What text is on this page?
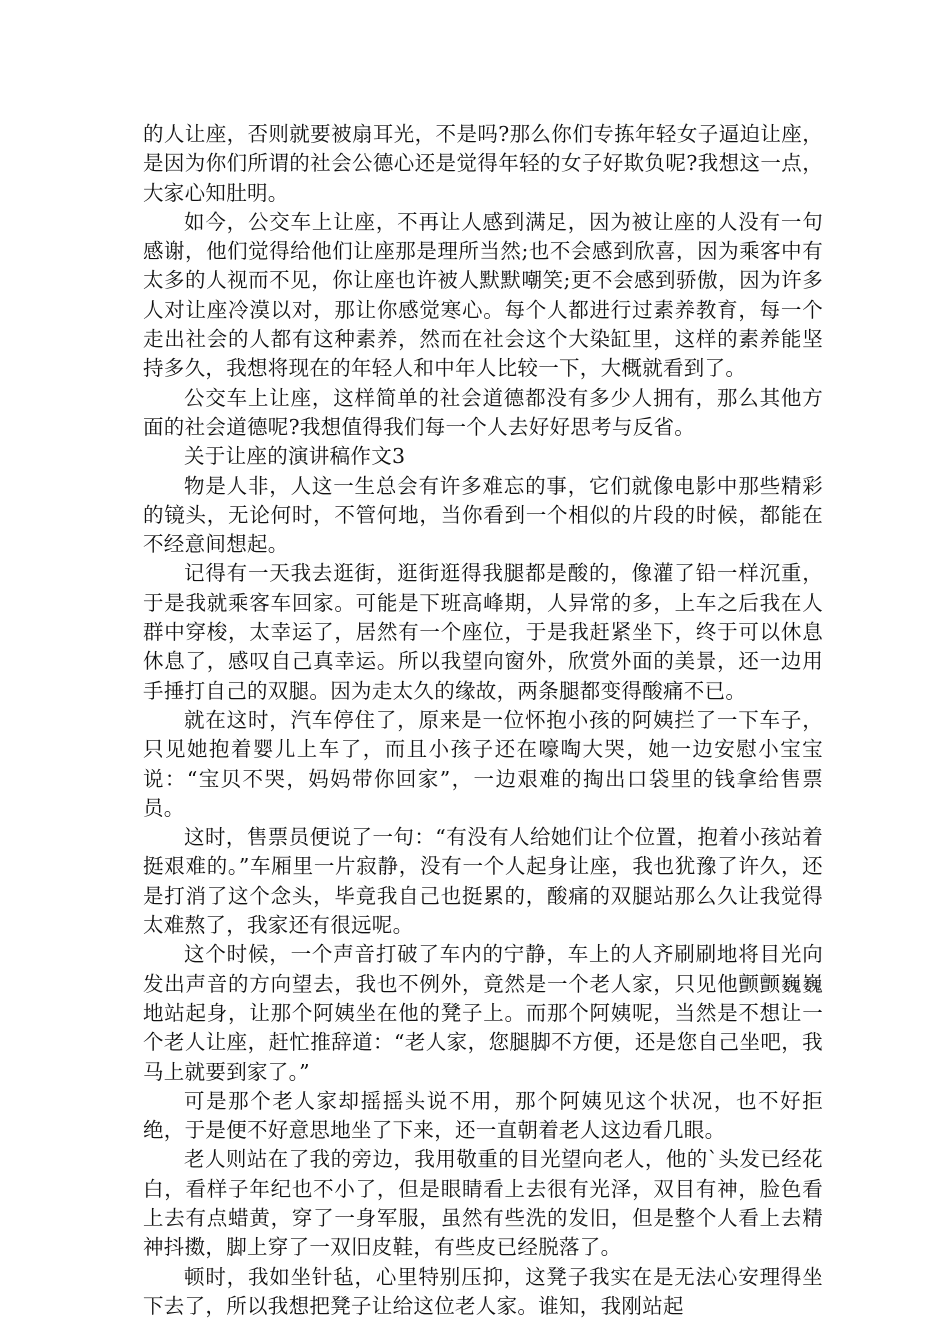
的人让座，否则就要被扇耳光，不是吗?那么你们专拣年轻女子逼迫让座，是因为你们所谓的社会公德心还是觉得年轻的女子好欺负呢?我想这一点，大家心知肚明。

如今，公交车上让座，不再让人感到满足，因为被让座的人没有一句感谢，他们觉得给他们让座那是理所当然;也不会感到欣喜，因为乘客中有太多的人视而不见，你让座也许被人默默嘲笑;更不会感到骄傲，因为许多人对让座冷漠以对，那让你感觉寒心。每个人都进行过素养教育，每一个走出社会的人都有这种素养，然而在社会这个大染缸里，这样的素养能坚持多久，我想将现在的年轻人和中年人比较一下，大概就看到了。

公交车上让座，这样简单的社会道德都没有多少人拥有，那么其他方面的社会道德呢?我想值得我们每一个人去好好思考与反省。

关于让座的演讲稿作文3

物是人非，人这一生总会有许多难忘的事，它们就像电影中那些精彩的镜头，无论何时，不管何地，当你看到一个相似的片段的时候，都能在不经意间想起。

记得有一天我去逛街，逛街逛得我腿都是酸的，像灌了铅一样沉重，于是我就乘客车回家。可能是下班高峰期，人异常的多，上车之后我在人群中穿梭，太幸运了，居然有一个座位，于是我赶紧坐下，终于可以休息休息了，感叹自己真幸运。所以我望向窗外，欣赏外面的美景，还一边用手捶打自己的双腿。因为走太久的缘故，两条腿都变得酸痛不已。

就在这时，汽车停住了，原来是一位怀抱小孩的阿姨拦了一下车子，只见她抱着婴儿上车了，而且小孩子还在嚎啕大哭，她一边安慰小宝宝说：“宝贝不哭，妈妈带你回家”，一边艰难的掏出口袋里的钱拿给售票员。

这时，售票员便说了一句：“有没有人给她们让个位置，抱着小孩站着挺艰难的。”车厢里一片寂静，没有一个人起身让座，我也犹豫了许久，还是打消了这个念头，毕竟我自己也挺累的，酸痛的双腿站那么久让我觉得太难熬了，我家还有很远呢。

这个时候，一个声音打破了车内的宁静，车上的人齐刷刷地将目光向发出声音的方向望去，我也不例外，竟然是一个老人家，只见他颤颤巍巍地站起身，让那个阿姨坐在他的凳子上。而那个阿姨呢，当然是不想让一个老人让座，赶忙推辞道：“老人家，您腿脚不方便，还是您自己坐吧，我马上就要到家了。”

可是那个老人家却摇摇头说不用，那个阿姨见这个状况，也不好拒绝，于是便不好意思地坐了下来，还一直朝着老人这边看几眼。

老人则站在了我的旁边，我用敬重的目光望向老人，他的`头发已经花白，看样子年纪也不小了，但是眼睛看上去很有光泽，双目有神，脸色看上去有点蜡黄，穿了一身军服，虽然有些洗的发旧，但是整个人看上去精神抖擞，脚上穿了一双旧皮鞋，有些皮已经脱落了。

顿时，我如坐针毡，心里特别压抑，这凳子我实在是无法心安理得坐下去了，所以我想把凳子让给这位老人家。谁知，我刚站起
